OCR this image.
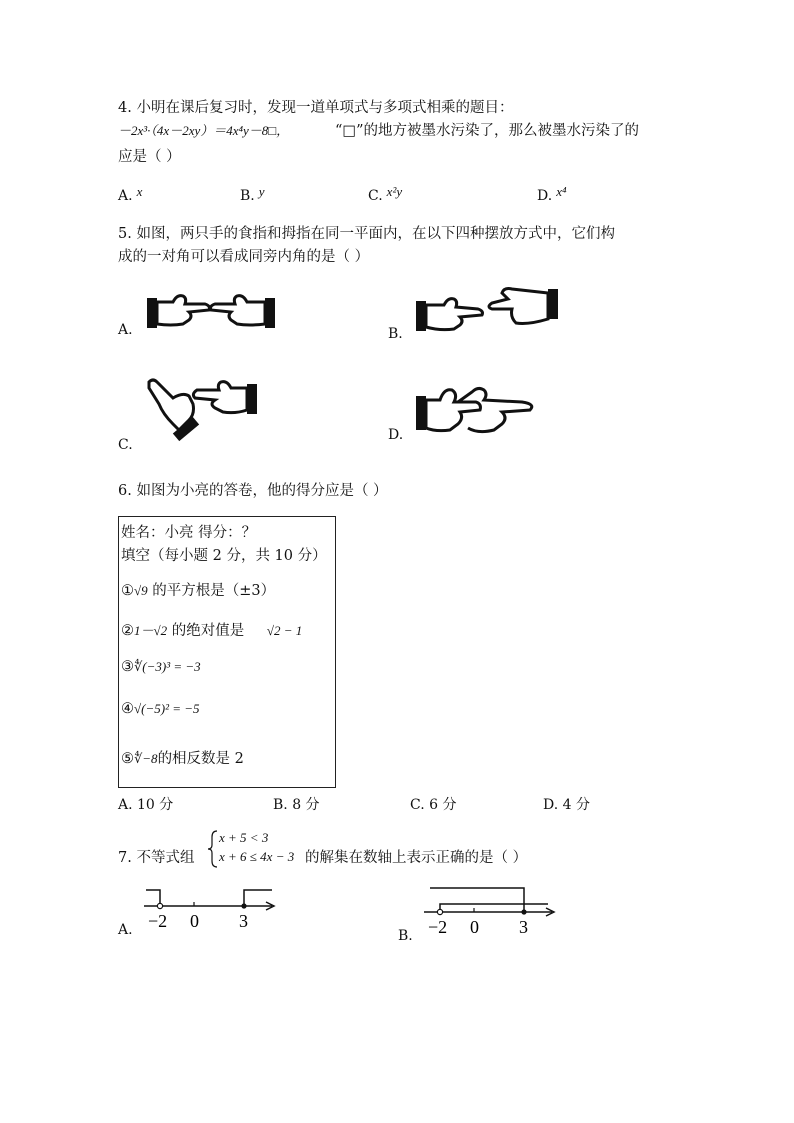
4. 小明在课后复习时，发现一道单项式与多项式相乘的题目：
－2x³·（4x－2xy）＝4x⁴y－8□，	“□”的地方被墨水污染了，那么被墨水污染了的
应是（ ）
A. x	B. y	C. x²y	D. x⁴
5. 如图，两只手的食指和拇指在同一平面内，在以下四种摆放方式中，它们构
成的一对角可以看成同旁内角的是（ ）
A.	B.
C.
D.
6. 如图为小亮的答卷，他的得分应是（ ）
姓名：小亮 得分：？
填空（每小题 2 分，共 10 分）
①√9 的平方根是（±3）
②1－√2 的绝对值是 √2 − 1
③∜(−3)³ = −3
④√(−5)² = −5
⑤∜−8的相反数是 2
A. 10 分	B. 8 分	C. 6 分	D. 4 分
7. 不等式组
x + 5 < 3
x + 6 ≤ 4x − 3 的解集在数轴上表示正确的是（ ）
A. −2 0 3
B. −2 0 3
